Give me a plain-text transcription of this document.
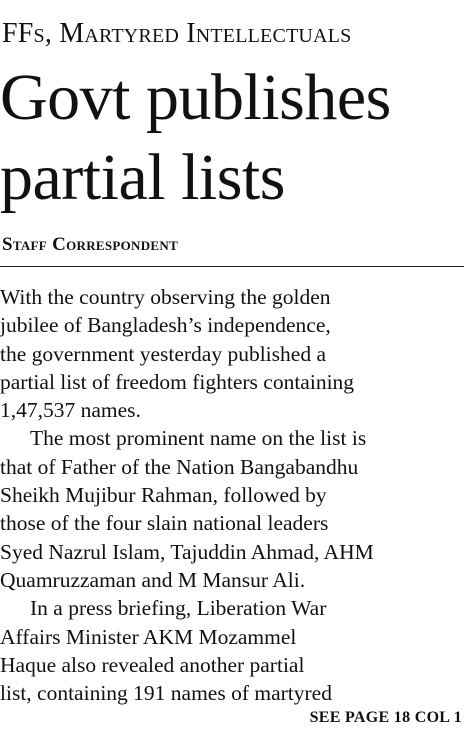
FFs, Martyred Intellectuals
Govt publishes
partial lists
Staff Correspondent
With the country observing the golden
jubilee of Bangladesh’s independence,
the government yesterday published a
partial list of freedom fighters containing
1,47,537 names.
The most prominent name on the list is
that of Father of the Nation Bangabandhu
Sheikh Mujibur Rahman, followed by
those of the four slain national leaders
Syed Nazrul Islam, Tajuddin Ahmad, AHM
Quamruzzaman and M Mansur Ali.
In a press briefing, Liberation War
Affairs Minister AKM Mozammel
Haque also revealed another partial
list, containing 191 names of martyred
SEE PAGE 18 COL 1
